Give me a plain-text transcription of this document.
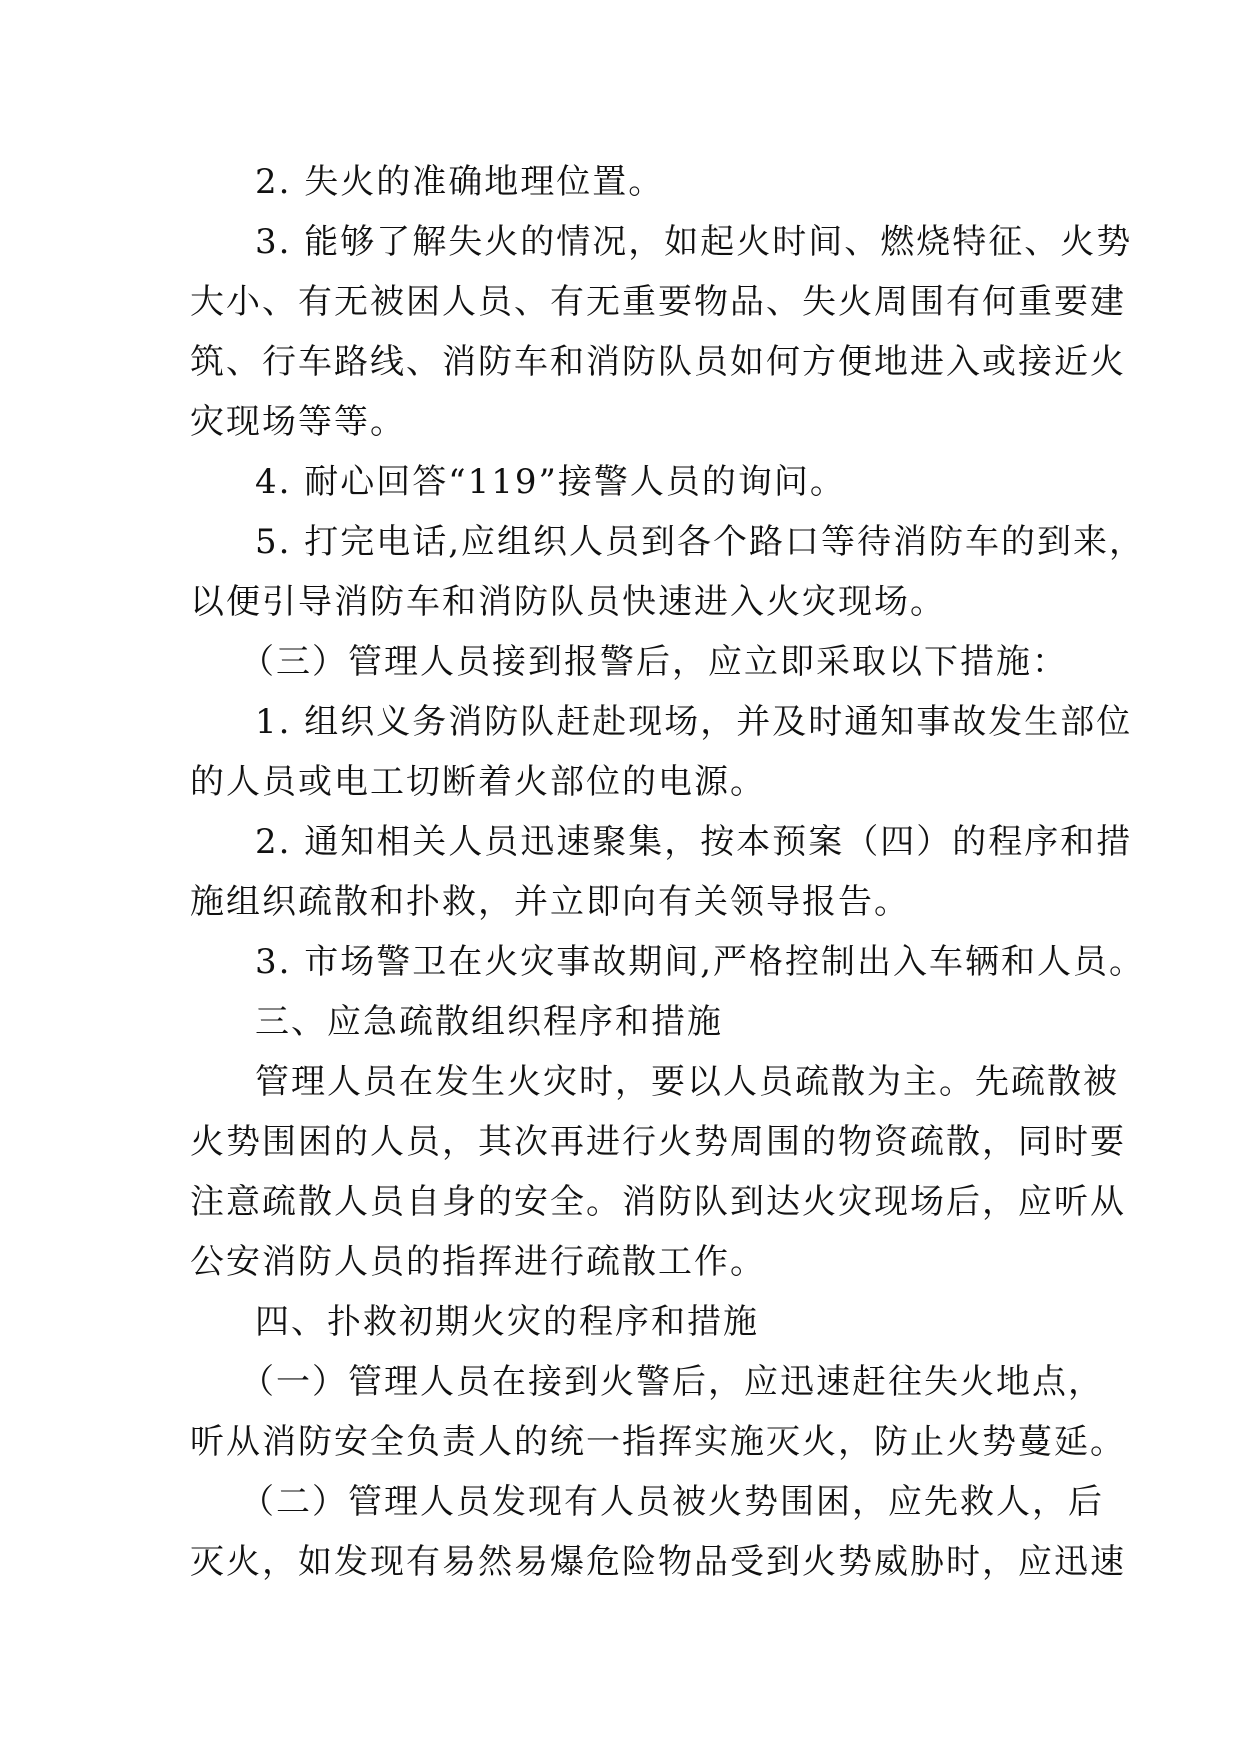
2. 失火的准确地理位置。
3. 能够了解失火的情况，如起火时间、燃烧特征、火势
大小、有无被困人员、有无重要物品、失火周围有何重要建
筑、行车路线、消防车和消防队员如何方便地进入或接近火
灾现场等等。
4. 耐心回答“119”接警人员的询问。
5. 打完电话,应组织人员到各个路口等待消防车的到来，
以便引导消防车和消防队员快速进入火灾现场。
（三）管理人员接到报警后，应立即采取以下措施：
1. 组织义务消防队赶赴现场，并及时通知事故发生部位
的人员或电工切断着火部位的电源。
2. 通知相关人员迅速聚集，按本预案（四）的程序和措
施组织疏散和扑救，并立即向有关领导报告。
3. 市场警卫在火灾事故期间,严格控制出入车辆和人员。
三、应急疏散组织程序和措施
管理人员在发生火灾时，要以人员疏散为主。先疏散被
火势围困的人员，其次再进行火势周围的物资疏散，同时要
注意疏散人员自身的安全。消防队到达火灾现场后，应听从
公安消防人员的指挥进行疏散工作。
四、扑救初期火灾的程序和措施
（一）管理人员在接到火警后，应迅速赶往失火地点，
听从消防安全负责人的统一指挥实施灭火，防止火势蔓延。
（二）管理人员发现有人员被火势围困，应先救人，后
灭火，如发现有易然易爆危险物品受到火势威胁时，应迅速
